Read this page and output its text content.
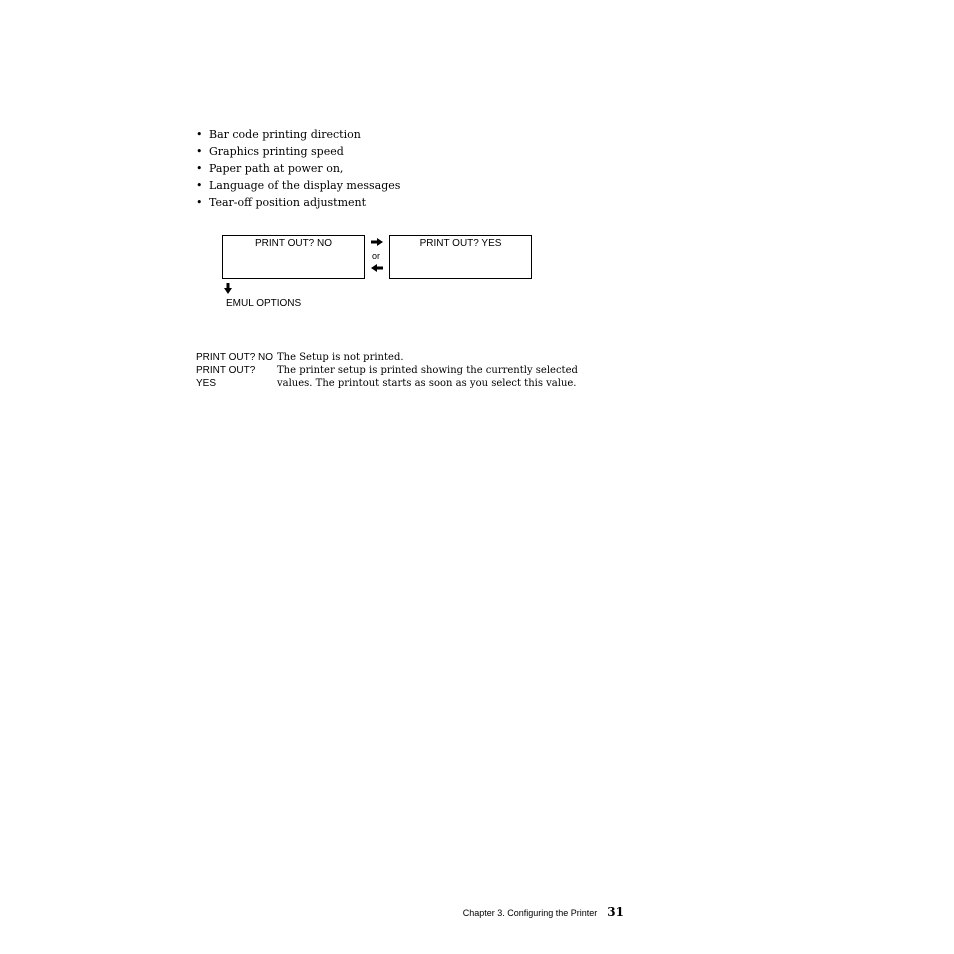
• Bar code printing direction
• Graphics printing speed
• Paper path at power on,
• Language of the display messages
• Tear-off position adjustment
PRINT OUT? NO
or
PRINT OUT? YES
EMUL OPTIONS
PRINT OUT? NO The Setup is not printed.
PRINT OUT? YES
The printer setup is printed showing the currently selected values. The printout starts as soon as you select this value.
Chapter 3. Configuring the Printer 31
